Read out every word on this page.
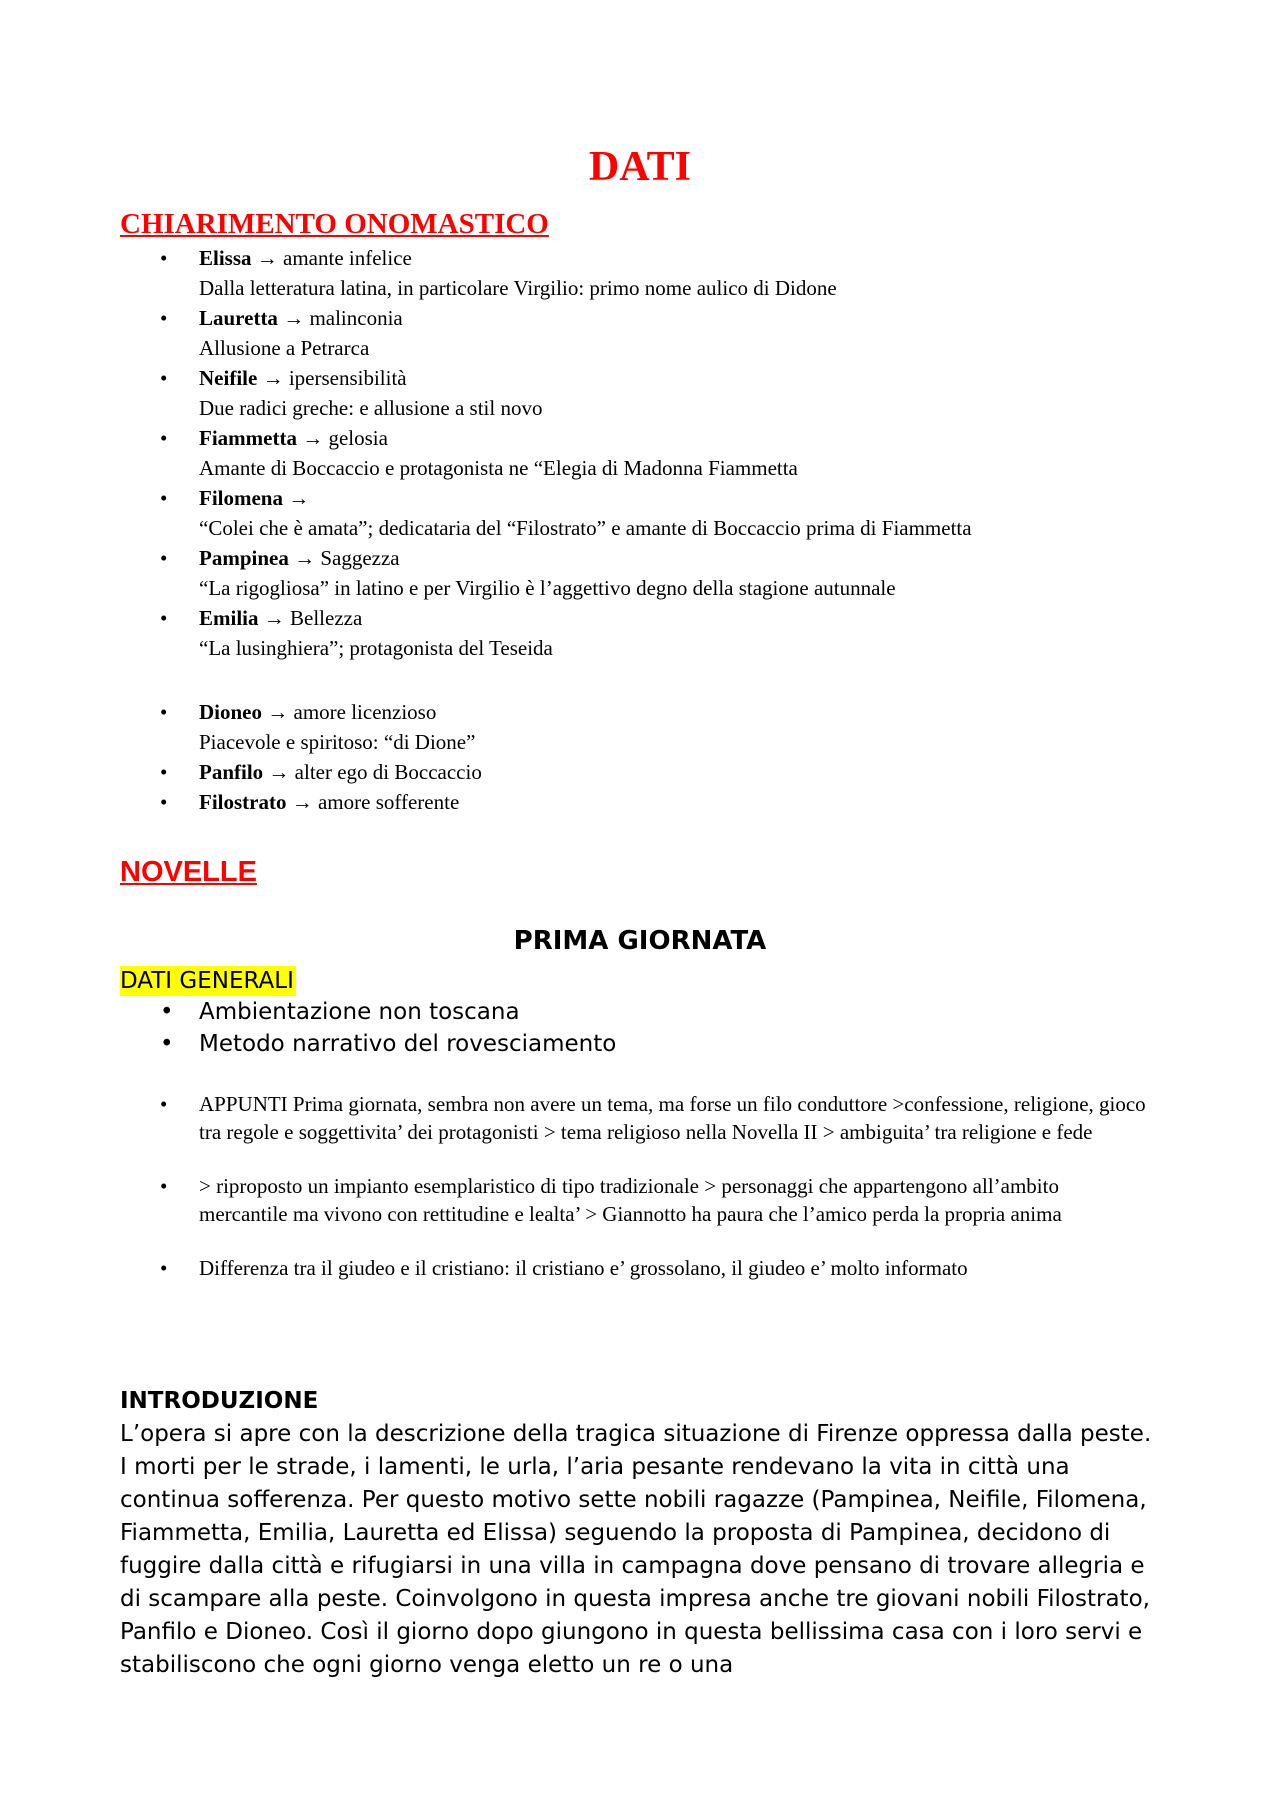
DATI
CHIARIMENTO ONOMASTICO
• Elissa → amante infelice
Dalla letteratura latina, in particolare Virgilio: primo nome aulico di Didone
• Lauretta → malinconia
Allusione a Petrarca
• Neifile → ipersensibilità
Due radici greche: e allusione a stil novo
• Fiammetta → gelosia
Amante di Boccaccio e protagonista ne “Elegia di Madonna Fiammetta
• Filomena →
“Colei che è amata”; dedicataria del “Filostrato” e amante di Boccaccio prima di Fiammetta
• Pampinea → Saggezza
“La rigogliosa” in latino e per Virgilio è l’aggettivo degno della stagione autunnale
• Emilia → Bellezza
“La lusinghiera”; protagonista del Teseida
• Dioneo → amore licenzioso
Piacevole e spiritoso: “di Dione”
• Panfilo → alter ego di Boccaccio
• Filostrato → amore sofferente
NOVELLE
PRIMA GIORNATA
DATI GENERALI
• Ambientazione non toscana
• Metodo narrativo del rovesciamento
• APPUNTI Prima giornata, sembra non avere un tema, ma forse un filo conduttore >confessione, religione, gioco tra regole e soggettivita’ dei protagonisti > tema religioso nella Novella II > ambiguita’ tra religione e fede
• > riproposto un impianto esemplaristico di tipo tradizionale > personaggi che appartengono all’ambito mercantile ma vivono con rettitudine e lealta’ > Giannotto ha paura che l’amico perda la propria anima
• Differenza tra il giudeo e il cristiano: il cristiano e’ grossolano, il giudeo e’ molto informato
INTRODUZIONE

L’opera si apre con la descrizione della tragica situazione di Firenze oppressa dalla peste. I morti per le strade, i lamenti, le urla, l’aria pesante rendevano la vita in città una continua sofferenza. Per questo motivo sette nobili ragazze (Pampinea, Neifile, Filomena, Fiammetta, Emilia, Lauretta ed Elissa) seguendo la proposta di Pampinea, decidono di fuggire dalla città e rifugiarsi in una villa in campagna dove pensano di trovare allegria e di scampare alla peste. Coinvolgono in questa impresa anche tre giovani nobili Filostrato, Panfilo e Dioneo. Così il giorno dopo giungono in questa bellissima casa con i loro servi e stabiliscono che ogni giorno venga eletto un re o una
